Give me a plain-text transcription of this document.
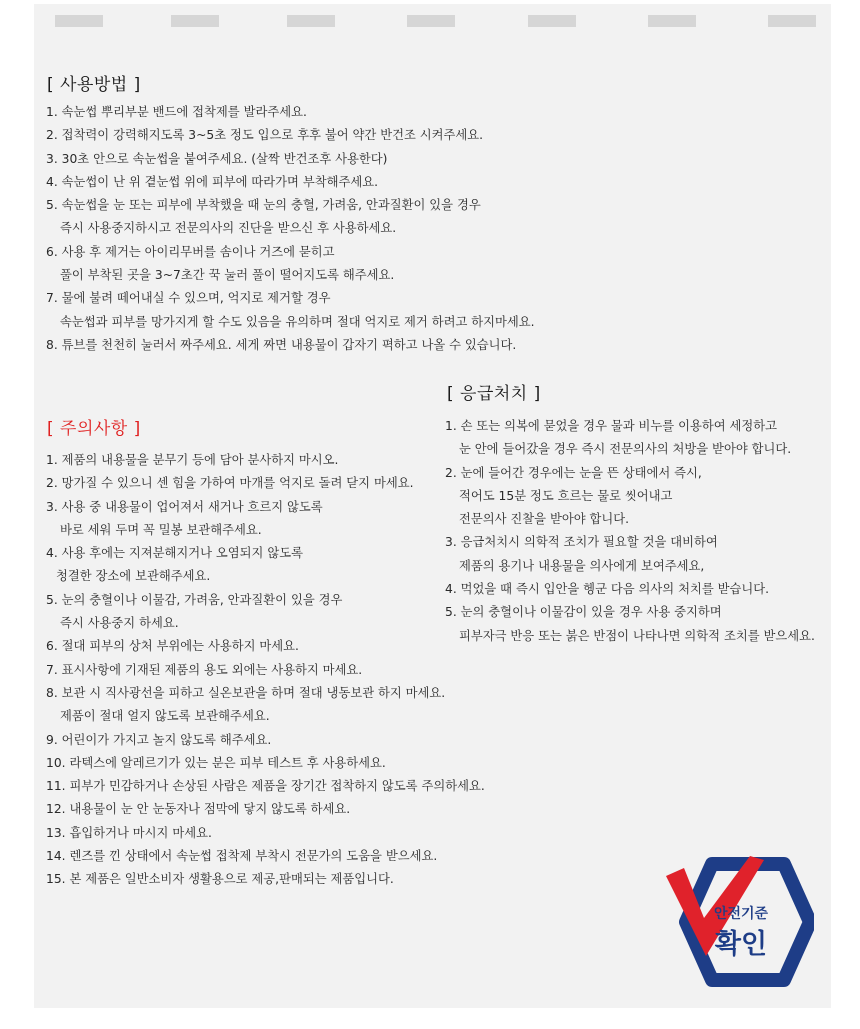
[ 사용방법 ]
1. 속눈썹 뿌리부분 밴드에 접착제를 발라주세요.
2. 접착력이 강력해지도록 3~5초 정도 입으로 후후 불어 약간 반건조 시켜주세요.
3. 30초 안으로 속눈썹을 붙여주세요. (살짝 반건조후 사용한다)
4. 속눈썹이 난 위 곁눈썹 위에 피부에 따라가며 부착해주세요.
5. 속눈썹을 눈 또는 피부에 부착했을 때 눈의 충혈, 가려움, 안과질환이 있을 경우
즉시 사용중지하시고 전문의사의 진단을 받으신 후 사용하세요.
6. 사용 후 제거는 아이리무버를 솜이나 거즈에 묻히고
풀이 부착된 곳을 3~7초간 꾹 눌러 풀이 떨어지도록 해주세요.
7. 물에 불려 떼어내실 수 있으며, 억지로 제거할 경우
속눈썹과 피부를 망가지게 할 수도 있음을 유의하며 절대 억지로 제거 하려고 하지마세요.
8. 튜브를 천천히 눌러서 짜주세요. 세게 짜면 내용물이 갑자기 펵하고 나올 수 있습니다.
[ 응급처치 ]
1. 손 또는 의복에 묻었을 경우 물과 비누를 이용하여 세정하고
눈 안에 들어갔을 경우 즉시 전문의사의 처방을 받아야 합니다.
2. 눈에 들어간 경우에는 눈을 뜬 상태에서 즉시,
적어도 15분 정도 흐르는 물로 씻어내고
전문의사 진찰을 받아야 합니다.
3. 응급처치시 의학적 조치가 필요할 것을 대비하여
제품의 용기나 내용물을 의사에게 보여주세요,
4. 먹었을 때 즉시 입안을 헹군 다음 의사의 처치를 받습니다.
5. 눈의 충혈이나 이물감이 있을 경우 사용 중지하며
피부자극 반응 또는 붉은 반점이 나타나면 의학적 조치를 받으세요.
[ 주의사항 ]
1. 제품의 내용물을 분무기 등에 담아 분사하지 마시오.
2. 망가질 수 있으니 센 힘을 가하여 마개를 억지로 돌려 닫지 마세요.
3. 사용 중 내용물이 업어져서 새거나 흐르지 않도록
바로 세워 두며 꼭 밀봉 보관해주세요.
4. 사용 후에는 지져분해지거나 오염되지 않도록
청결한 장소에 보관해주세요.
5. 눈의 충혈이나 이물감, 가려움, 안과질환이 있을 경우
즉시 사용중지 하세요.
6. 절대 피부의 상처 부위에는 사용하지 마세요.
7. 표시사항에 기재된 제품의 용도 외에는 사용하지 마세요.
8. 보관 시 직사광선을 피하고 실온보관을 하며 절대 냉동보관 하지 마세요.
제품이 절대 얼지 않도록 보관해주세요.
9. 어린이가 가지고 놀지 않도록 해주세요.
10. 라텍스에 알레르기가 있는 분은 피부 테스트 후 사용하세요.
11. 피부가 민감하거나 손상된 사람은 제품을 장기간 접착하지 않도록 주의하세요.
12. 내용물이 눈 안 눈동자나 점막에 닿지 않도록 하세요.
13. 흡입하거나 마시지 마세요.
14. 렌즈를 낀 상태에서 속눈썹 접착제 부착시 전문가의 도움을 받으세요.
15. 본 제품은 일반소비자 생활용으로 제공,판매되는 제품입니다.

안전기준

확인
